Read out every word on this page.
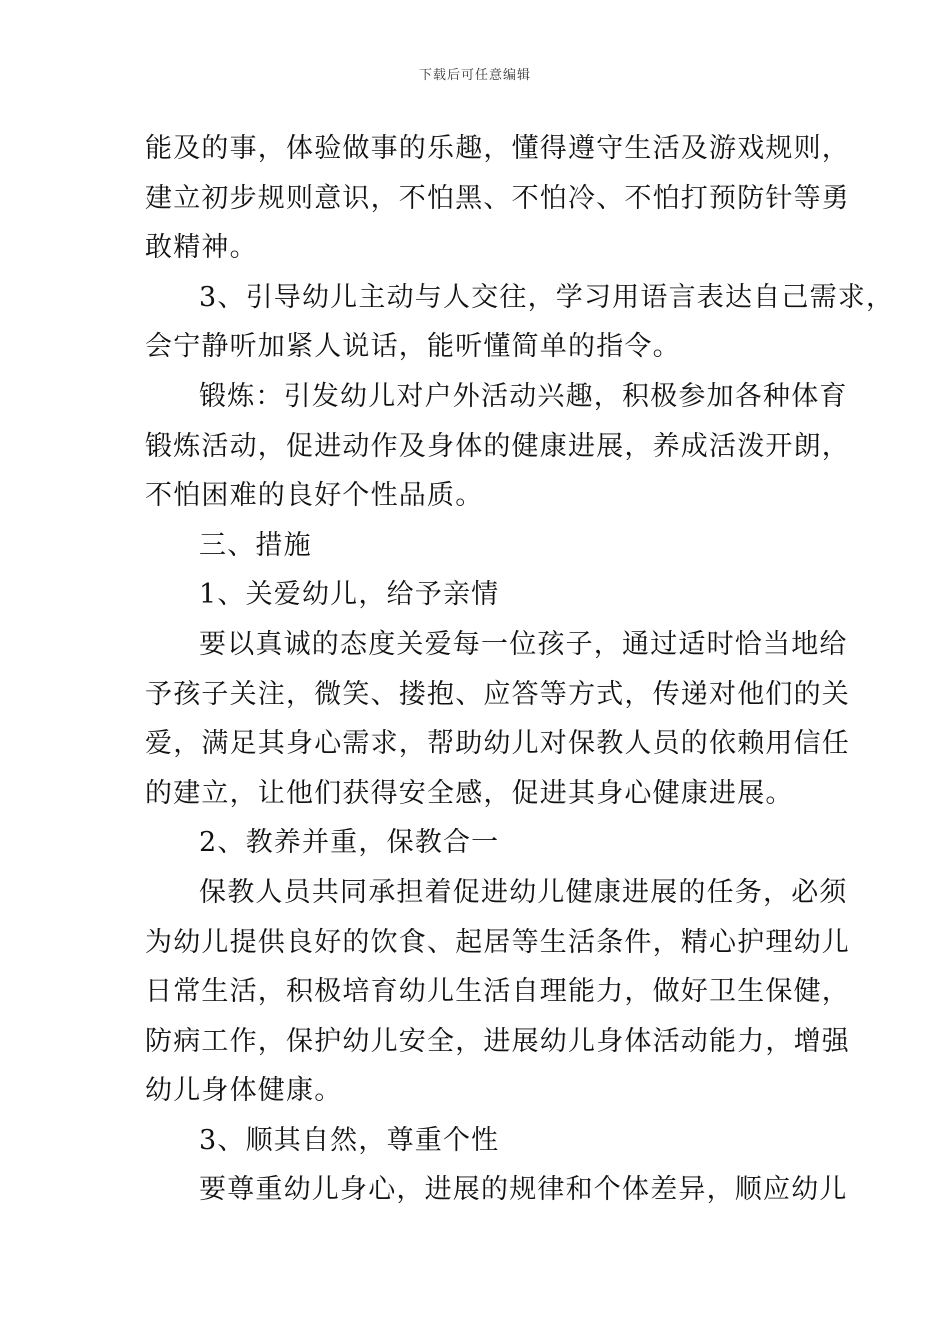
下载后可任意编辑
能及的事，体验做事的乐趣，懂得遵守生活及游戏规则，
建立初步规则意识，不怕黑、不怕冷、不怕打预防针等勇
敢精神。
3、引导幼儿主动与人交往，学习用语言表达自己需求，
会宁静听加紧人说话，能听懂简单的指令。
锻炼：引发幼儿对户外活动兴趣，积极参加各种体育
锻炼活动，促进动作及身体的健康进展，养成活泼开朗，
不怕困难的良好个性品质。
三、措施
1、关爱幼儿，给予亲情
要以真诚的态度关爱每一位孩子，通过适时恰当地给
予孩子关注，微笑、搂抱、应答等方式，传递对他们的关
爱，满足其身心需求，帮助幼儿对保教人员的依赖用信任
的建立，让他们获得安全感，促进其身心健康进展。
2、教养并重，保教合一
保教人员共同承担着促进幼儿健康进展的任务，必须
为幼儿提供良好的饮食、起居等生活条件，精心护理幼儿
日常生活，积极培育幼儿生活自理能力，做好卫生保健，
防病工作，保护幼儿安全，进展幼儿身体活动能力，增强
幼儿身体健康。
3、顺其自然，尊重个性
要尊重幼儿身心，进展的规律和个体差异，顺应幼儿
